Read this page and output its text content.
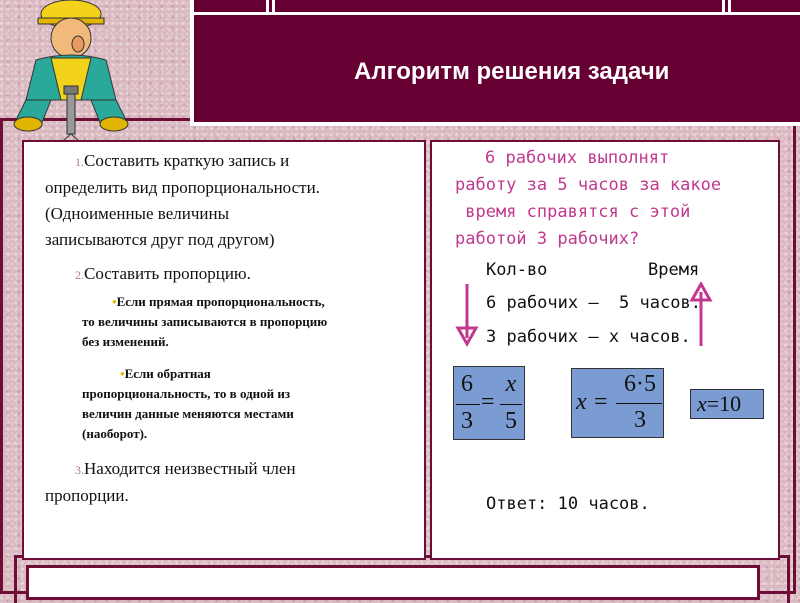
Алгоритм решения задачи
1.Составить краткую запись и
определить вид пропорциональности.
(Одноименные величины
записываются друг под другом)
2.Составить пропорцию.
•Если прямая пропорциональность,
то величины записываются в пропорцию
без изменений.
•Если обратная
пропорциональность, то в одной из
величин данные меняются местами
(наоборот).
3.Находится неизвестный член
пропорции.
6 рабочих выполнят
работу за 5 часов за какое
время справятся с этой
работой 3 рабочих?
Кол-во	Время
6 рабочих –  5 часов.
3 рабочих – х часов.
6
3
=
x
5
x =
6·5
3
x=10
Ответ: 10 часов.
